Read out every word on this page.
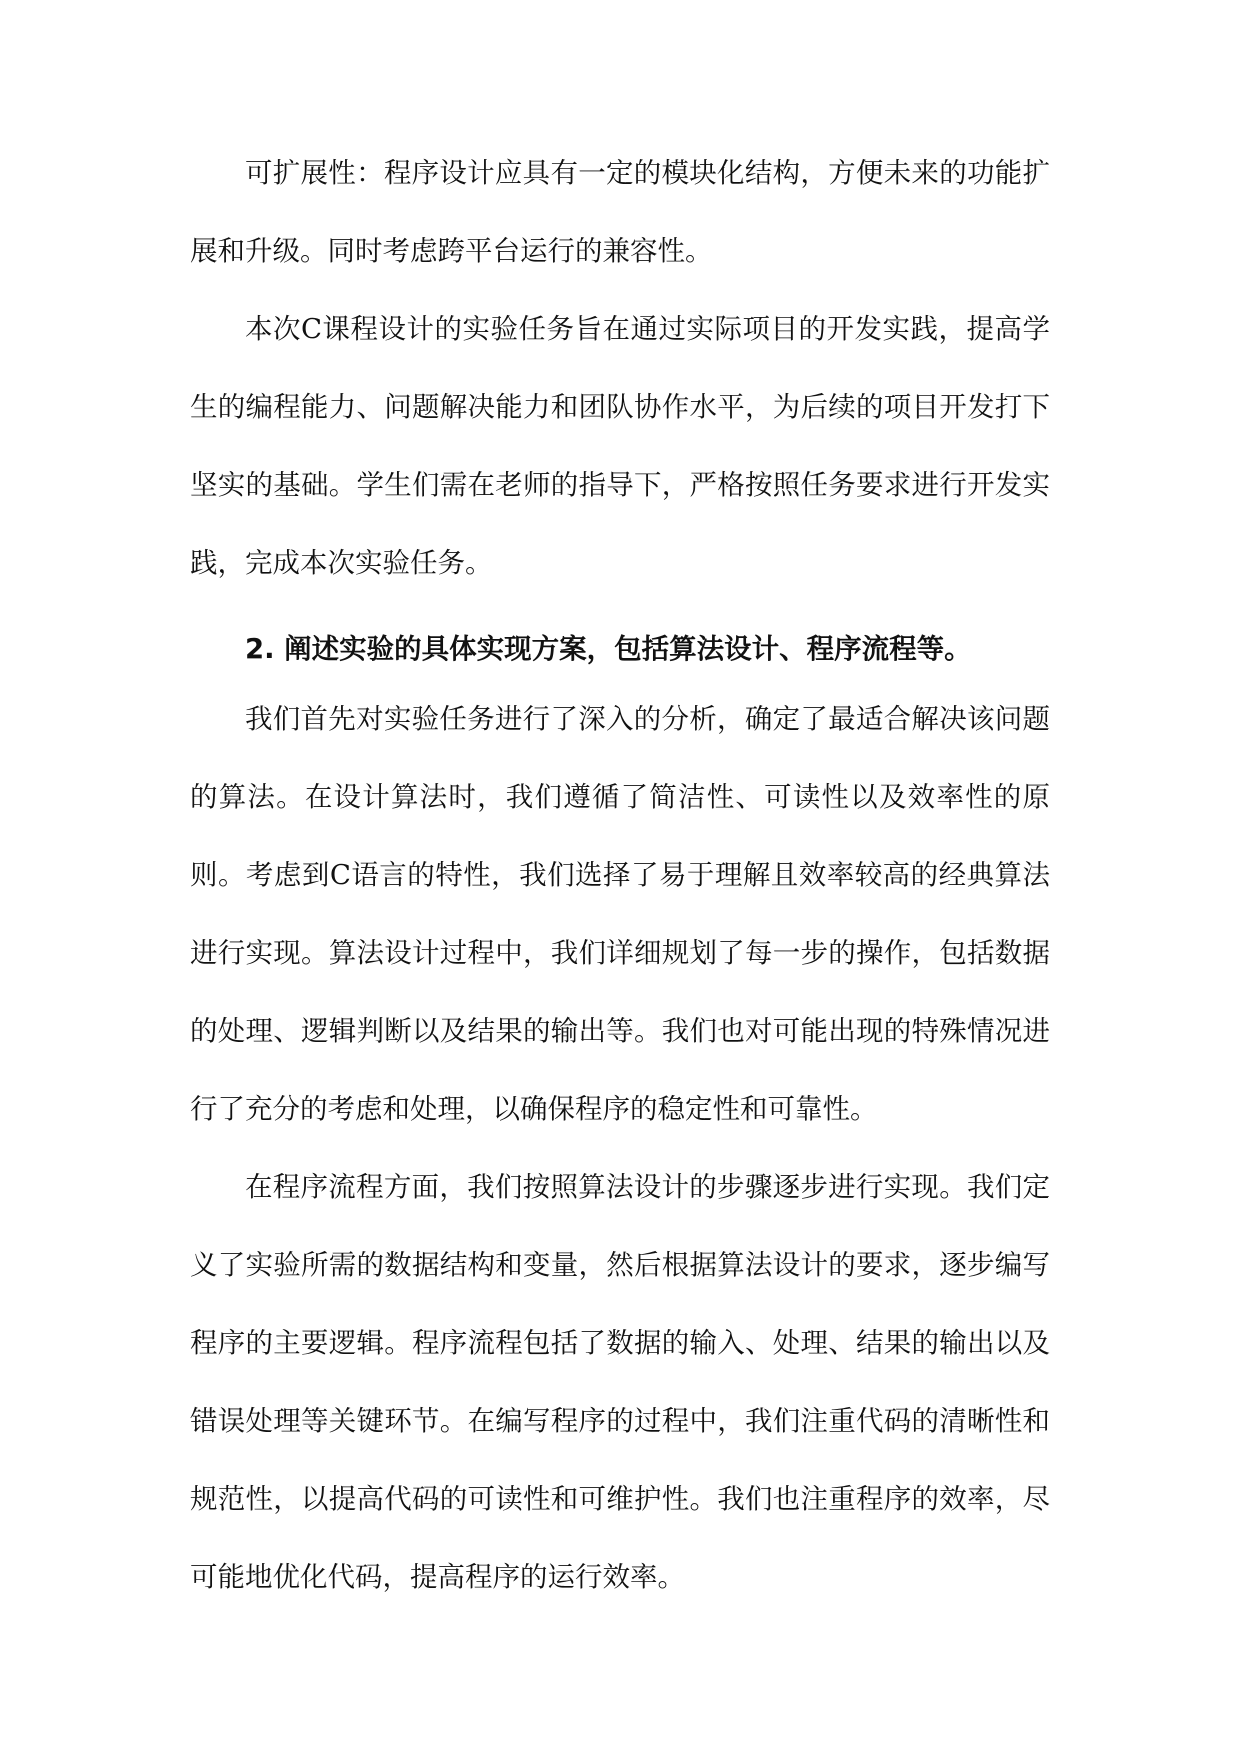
可扩展性：程序设计应具有一定的模块化结构，方便未来的功能扩展和升级。同时考虑跨平台运行的兼容性。

本次C课程设计的实验任务旨在通过实际项目的开发实践，提高学生的编程能力、问题解决能力和团队协作水平，为后续的项目开发打下坚实的基础。学生们需在老师的指导下，严格按照任务要求进行开发实践，完成本次实验任务。

2. 阐述实验的具体实现方案，包括算法设计、程序流程等。

我们首先对实验任务进行了深入的分析，确定了最适合解决该问题的算法。在设计算法时，我们遵循了简洁性、可读性以及效率性的原则。考虑到C语言的特性，我们选择了易于理解且效率较高的经典算法进行实现。算法设计过程中，我们详细规划了每一步的操作，包括数据的处理、逻辑判断以及结果的输出等。我们也对可能出现的特殊情况进行了充分的考虑和处理，以确保程序的稳定性和可靠性。

在程序流程方面，我们按照算法设计的步骤逐步进行实现。我们定义了实验所需的数据结构和变量，然后根据算法设计的要求，逐步编写程序的主要逻辑。程序流程包括了数据的输入、处理、结果的输出以及错误处理等关键环节。在编写程序的过程中，我们注重代码的清晰性和规范性，以提高代码的可读性和可维护性。我们也注重程序的效率，尽可能地优化代码，提高程序的运行效率。
